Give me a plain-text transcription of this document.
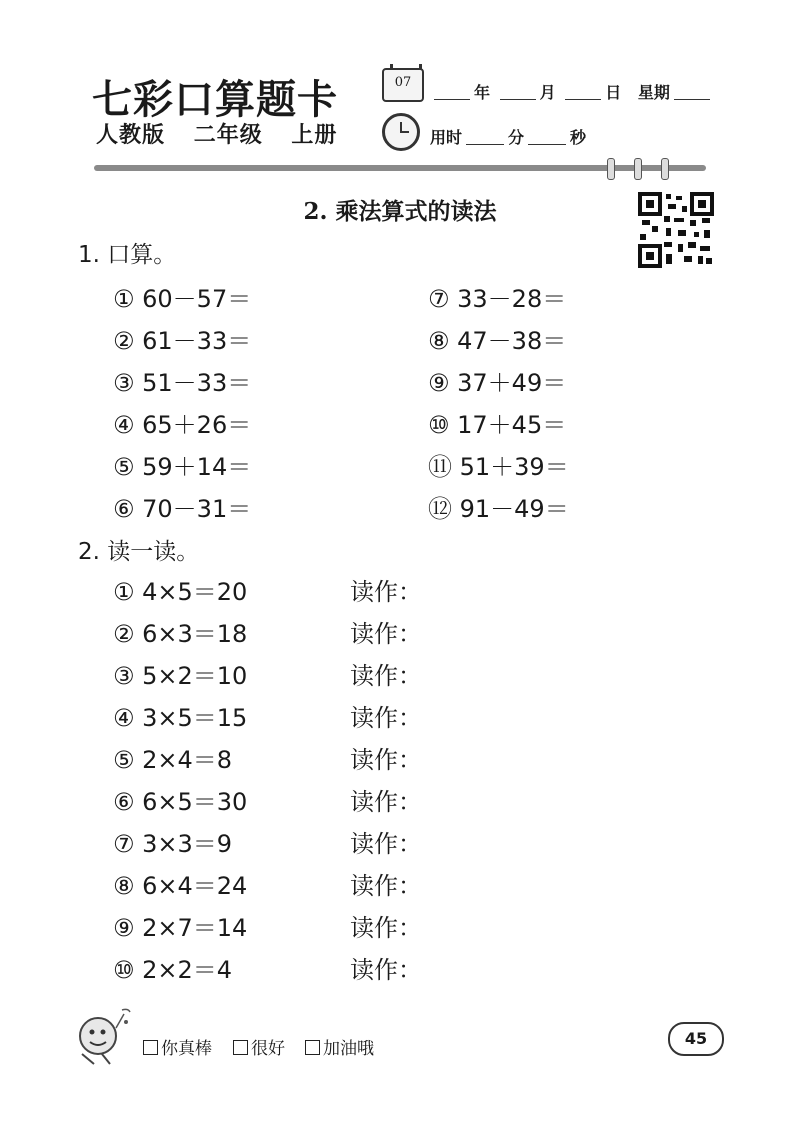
七彩口算题卡
人教版 二年级 上册
07
年	月	日 星期
用时	分	秒
2. 乘法算式的读法
1. 口算。
① 60－57＝
② 61－33＝
③ 51－33＝
④ 65＋26＝
⑤ 59＋14＝
⑥ 70－31＝
⑦ 33－28＝
⑧ 47－38＝
⑨ 37＋49＝
⑩ 17＋45＝
⑪ 51＋39＝
⑫ 91－49＝
2. 读一读。
① 4×5＝20	读作：
② 6×3＝18	读作：
③ 5×2＝10	读作：
④ 3×5＝15	读作：
⑤ 2×4＝8	读作：
⑥ 6×5＝30	读作：
⑦ 3×3＝9	读作：
⑧ 6×4＝24	读作：
⑨ 2×7＝14	读作：
⑩ 2×2＝4	读作：
你真棒	很好	加油哦
45
